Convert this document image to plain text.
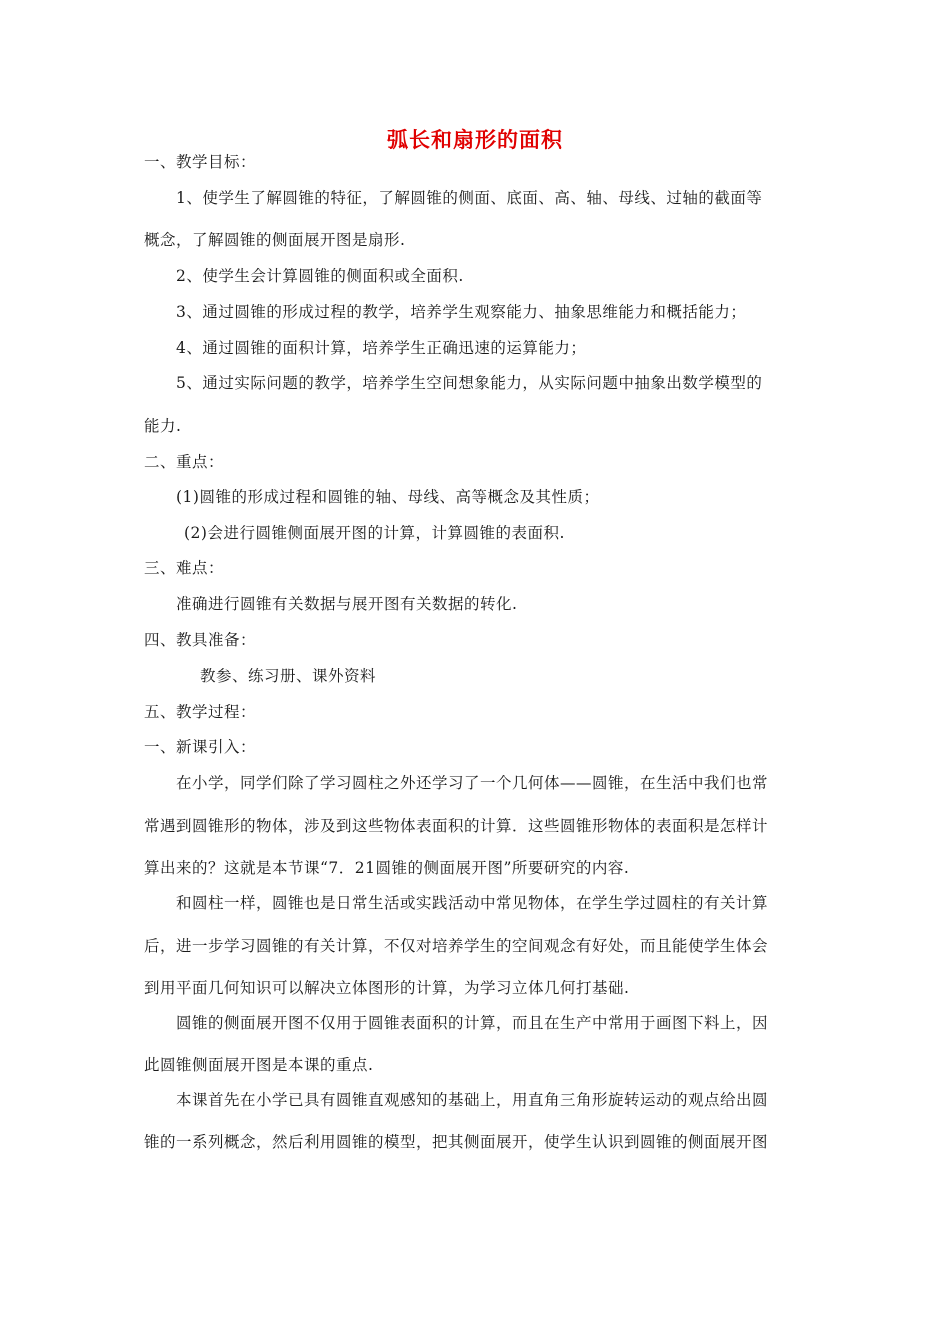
弧长和扇形的面积
一、教学目标：
1、使学生了解圆锥的特征，了解圆锥的侧面、底面、高、轴、母线、过轴的截面等
概念，了解圆锥的侧面展开图是扇形.
2、使学生会计算圆锥的侧面积或全面积.
3、通过圆锥的形成过程的教学，培养学生观察能力、抽象思维能力和概括能力；
4、通过圆锥的面积计算，培养学生正确迅速的运算能力；
5、通过实际问题的教学，培养学生空间想象能力，从实际问题中抽象出数学模型的
能力.
二、重点：
(1)圆锥的形成过程和圆锥的轴、母线、高等概念及其性质；
(2)会进行圆锥侧面展开图的计算，计算圆锥的表面积.
三、难点：
准确进行圆锥有关数据与展开图有关数据的转化.
四、教具准备：
教参、练习册、课外资料
五、教学过程：
一、新课引入：
在小学，同学们除了学习圆柱之外还学习了一个几何体——圆锥，在生活中我们也常
常遇到圆锥形的物体，涉及到这些物体表面积的计算．这些圆锥形物体的表面积是怎样计
算出来的？这就是本节课“7．21圆锥的侧面展开图”所要研究的内容.
和圆柱一样，圆锥也是日常生活或实践活动中常见物体，在学生学过圆柱的有关计算
后，进一步学习圆锥的有关计算，不仅对培养学生的空间观念有好处，而且能使学生体会
到用平面几何知识可以解决立体图形的计算，为学习立体几何打基础.
圆锥的侧面展开图不仅用于圆锥表面积的计算，而且在生产中常用于画图下料上，因
此圆锥侧面展开图是本课的重点.
本课首先在小学已具有圆锥直观感知的基础上，用直角三角形旋转运动的观点给出圆
锥的一系列概念，然后利用圆锥的模型，把其侧面展开，使学生认识到圆锥的侧面展开图
